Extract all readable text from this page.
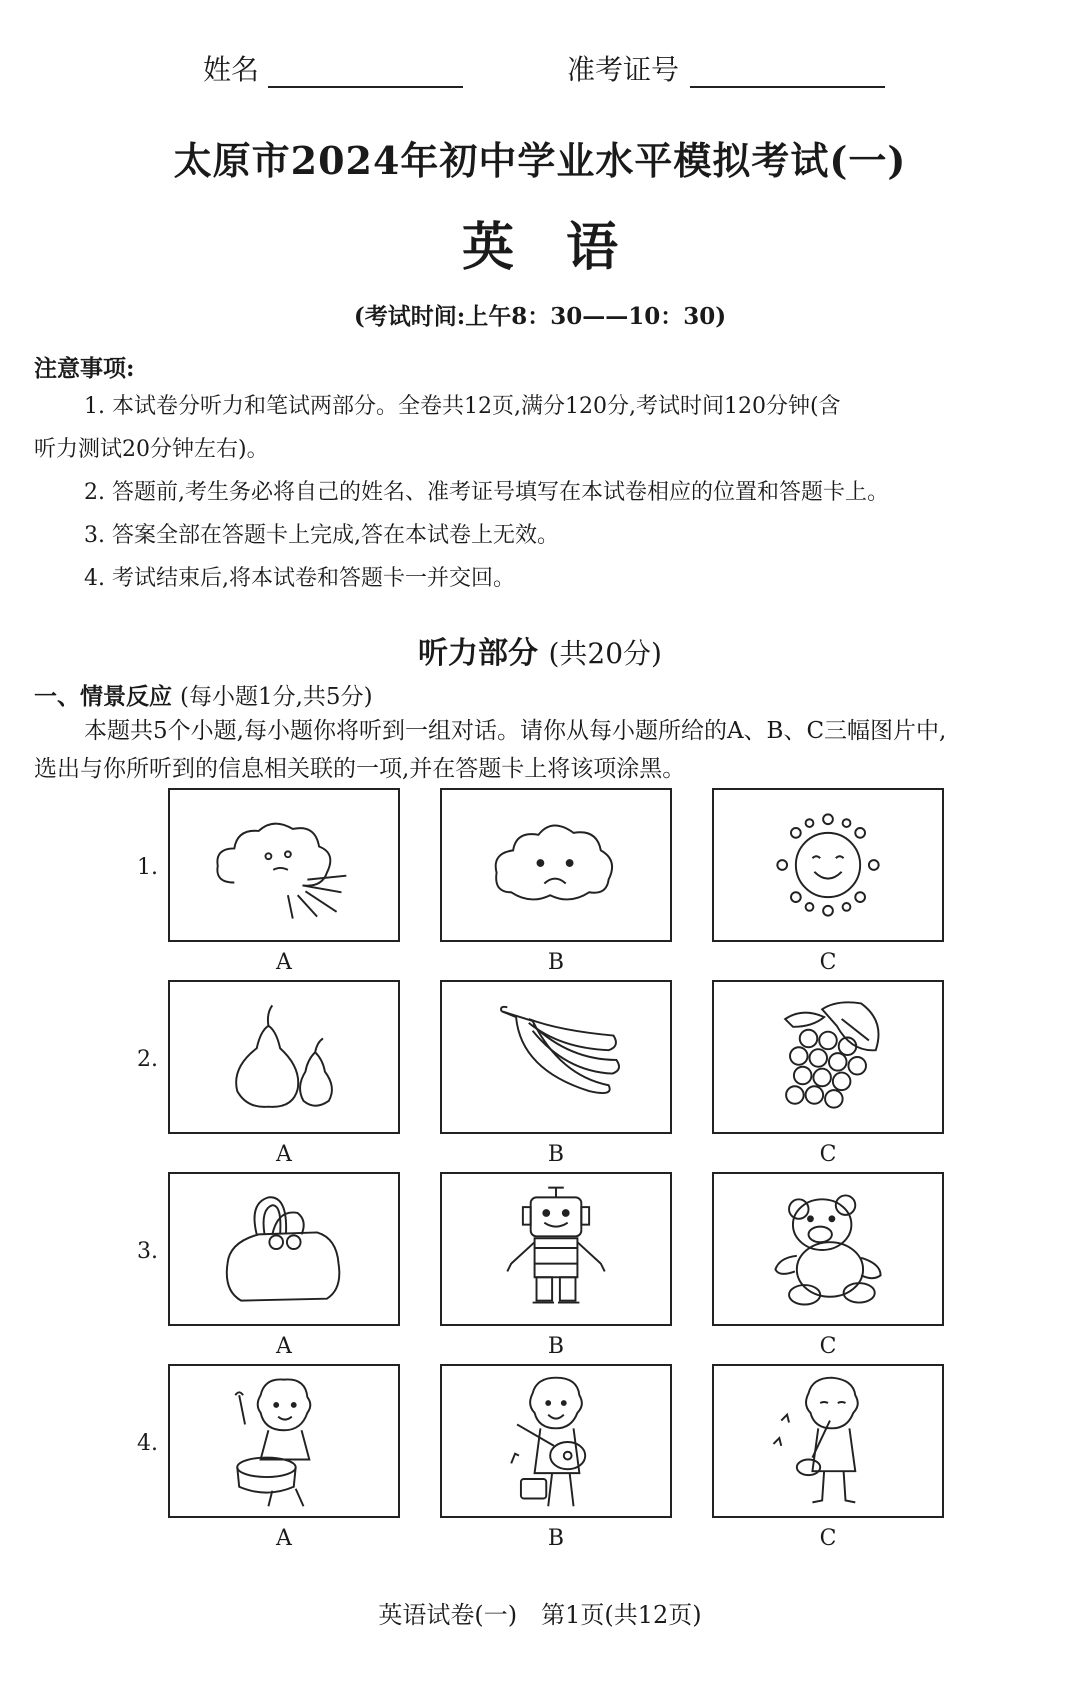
姓名	准考证号
太原市2024年初中学业水平模拟考试(一)
英语
(考试时间:上午8：30——10：30)
注意事项:
1. 本试卷分听力和笔试两部分。全卷共12页,满分120分,考试时间120分钟(含
听力测试20分钟左右)。
2. 答题前,考生务必将自己的姓名、准考证号填写在本试卷相应的位置和答题卡上。
3. 答案全部在答题卡上完成,答在本试卷上无效。
4. 考试结束后,将本试卷和答题卡一并交回。
听力部分 (共20分)
一、情景反应 (每小题1分,共5分)
本题共5个小题,每小题你将听到一组对话。请你从每小题所给的A、B、C三幅图片中,
选出与你所听到的信息相关联的一项,并在答题卡上将该项涂黑。
1.
A	B	C
2.
A	B	C
3.
A	B	C
4.
A	B	C
英语试卷(一)　第1页(共12页)
